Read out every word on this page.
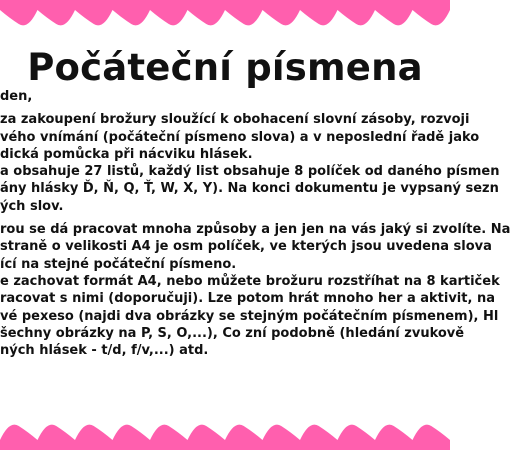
Počáteční písmena
den,
za zakoupení brožury sloužící k obohacení slovní zásoby, rozvoji
vého vnímání (počáteční písmeno slova) a v neposlední řadě jako
dická pomůcka při nácviku hlásek.
a obsahuje 27 listů, každý list obsahuje 8 políček od daného písmen
ány hlásky Ď, Ň, Q, Ť, W, X, Y). Na konci dokumentu je vypsaný sezn
ých slov.
rou se dá pracovat mnoha způsoby a jen jen na vás jaký si zvolíte. Na
straně o velikosti A4 je osm políček, ve kterých jsou uvedena slova
ící na stejné počáteční písmeno.
e zachovat formát A4, nebo můžete brožuru rozstříhat na 8 kartiček
racovat s nimi (doporučuji). Lze potom hrát mnoho her a aktivit, na
vé pexeso (najdi dva obrázky se stejným počátečním písmenem), Hl
šechny obrázky na P, S, O,...), Co zní podobně (hledání zvukově
ných hlásek - t/d, f/v,...) atd.
